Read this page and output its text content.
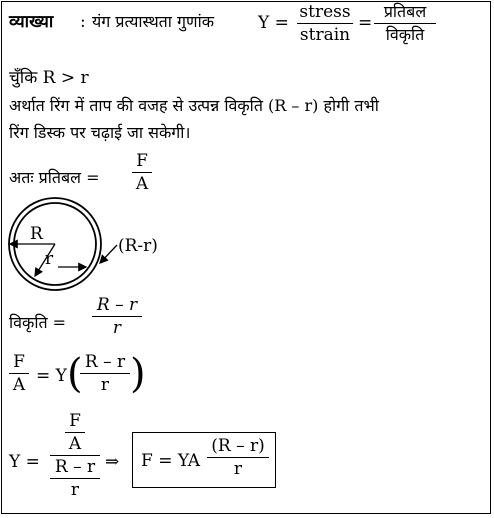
व्याख्या : यंग प्रत्यास्थता गुणांक	Y =
stress
strain
=
प्रतिबल
विकृति
चुँकि R > r
अर्थात रिंग में ताप की वजह से उत्पन्न विकृति (R – r) होगी तभी
रिंग डिस्क पर चढ़ाई जा सकेगी।
अतः प्रतिबल =
F
A
R
r
(R-r)
विकृति =
R – r
r
F
A = Y ( R – r
r )
Y =
F
A
R – r
r
⇒ F = YA
(R – r)
r
